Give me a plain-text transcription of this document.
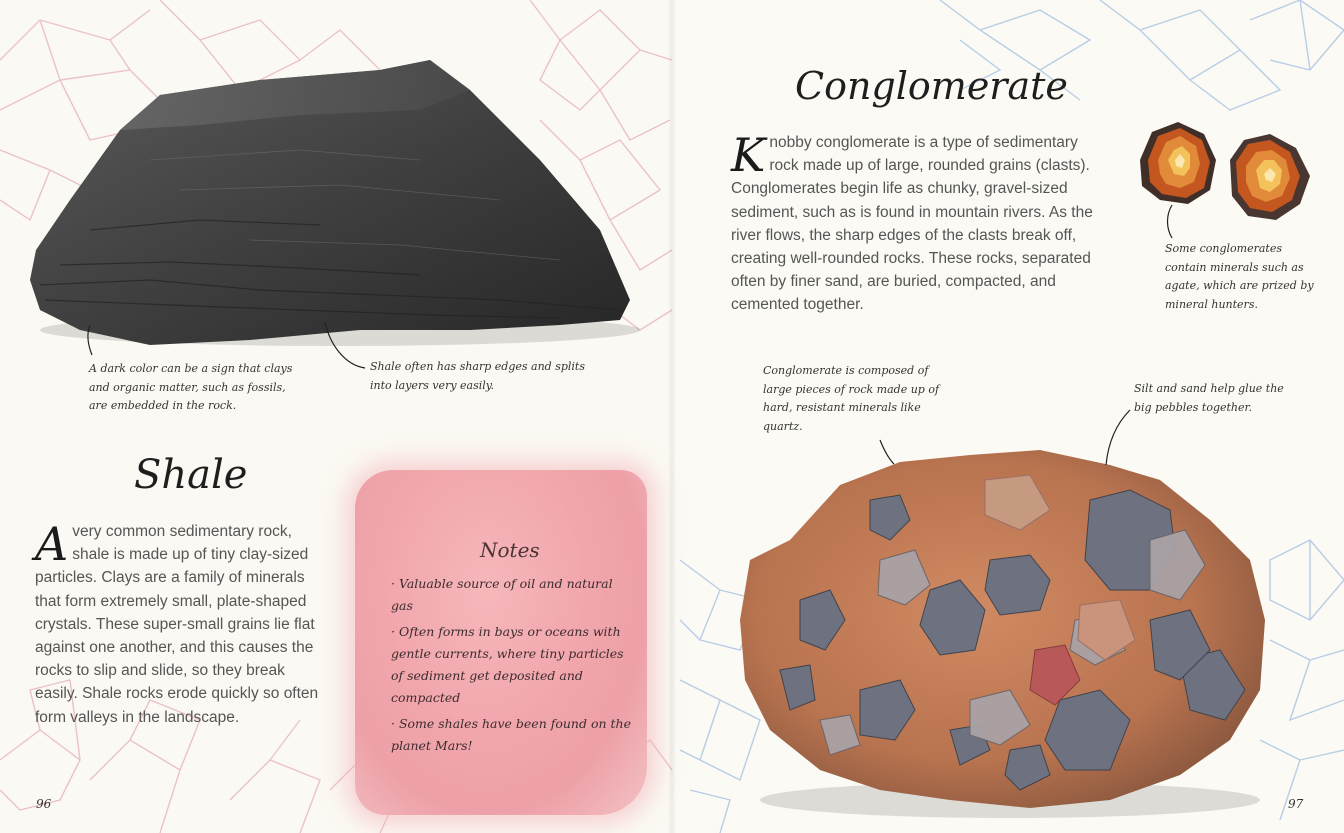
Shale

Avery common sedimentary rock, shale is made up of tiny clay-sized particles. Clays are a family of minerals that form extremely small, plate-shaped crystals. These super-small grains lie flat against one another, and this causes the rocks to slip and slide, so they break easily. Shale rocks erode quickly so often form valleys in the landscape.

A dark color can be a sign that clays and organic matter, such as fossils, are embedded in the rock.

Shale often has sharp edges and splits into layers very easily.

Notes
· Valuable source of oil and natural gas
· Often forms in bays or oceans with gentle currents, where tiny particles of sediment get deposited and compacted
· Some shales have been found on the planet Mars!
96
Conglomerate

Knobby conglomerate is a type of sedimentary rock made up of large, rounded grains (clasts). Conglomerates begin life as chunky, gravel-sized sediment, such as is found in mountain rivers. As the river flows, the sharp edges of the clasts break off, creating well-rounded rocks. These rocks, separated often by finer sand, are buried, compacted, and cemented together.

Some conglomerates contain minerals such as agate, which are prized by mineral hunters.

Conglomerate is composed of large pieces of rock made up of hard, resistant minerals like quartz.

Silt and sand help glue the big pebbles together.

97
